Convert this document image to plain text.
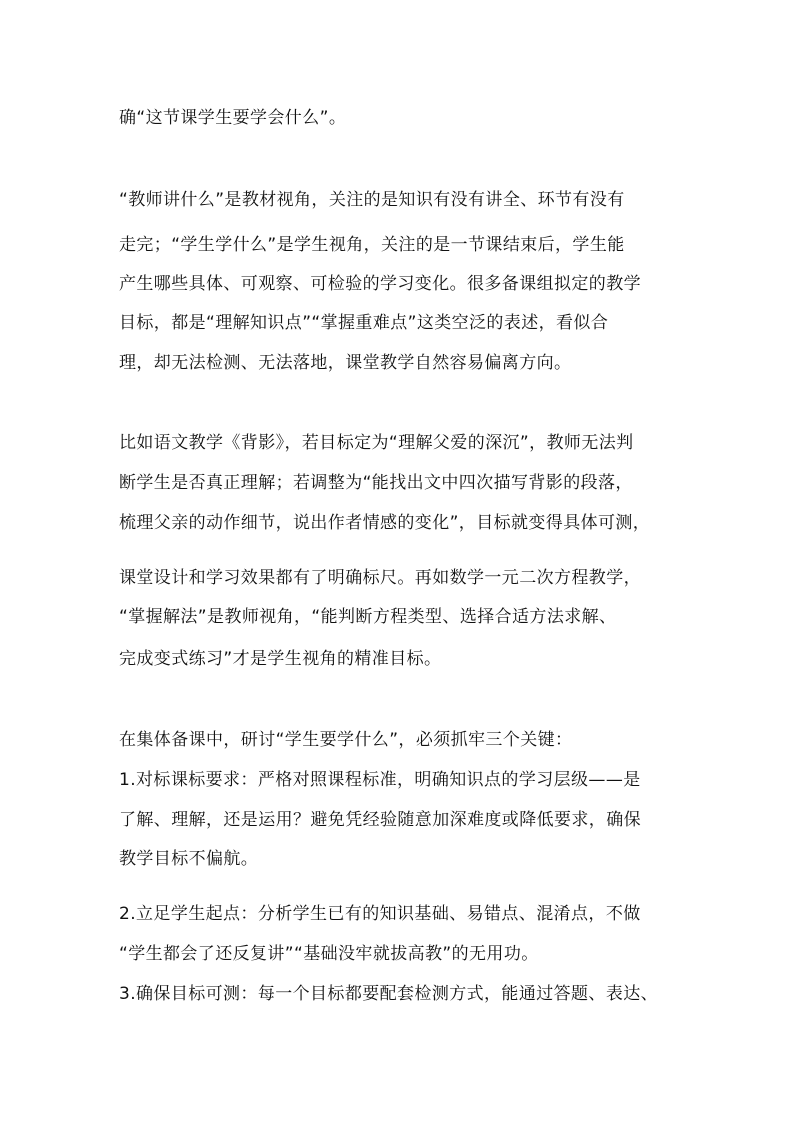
确“这节课学生要学会什么”。
“教师讲什么”是教材视角，关注的是知识有没有讲全、环节有没有
走完；“学生学什么”是学生视角，关注的是一节课结束后，学生能
产生哪些具体、可观察、可检验的学习变化。很多备课组拟定的教学
目标，都是“理解知识点”“掌握重难点”这类空泛的表述，看似合
理，却无法检测、无法落地，课堂教学自然容易偏离方向。
比如语文教学《背影》，若目标定为“理解父爱的深沉”，教师无法判
断学生是否真正理解；若调整为“能找出文中四次描写背影的段落，
梳理父亲的动作细节，说出作者情感的变化”，目标就变得具体可测，
课堂设计和学习效果都有了明确标尺。再如数学一元二次方程教学，
“掌握解法”是教师视角，“能判断方程类型、选择合适方法求解、
完成变式练习”才是学生视角的精准目标。
在集体备课中，研讨“学生要学什么”，必须抓牢三个关键：
1.对标课标要求：严格对照课程标准，明确知识点的学习层级——是
了解、理解，还是运用？避免凭经验随意加深难度或降低要求，确保
教学目标不偏航。
2.立足学生起点：分析学生已有的知识基础、易错点、混淆点，不做
“学生都会了还反复讲”“基础没牢就拔高教”的无用功。
3.确保目标可测：每一个目标都要配套检测方式，能通过答题、表达、
